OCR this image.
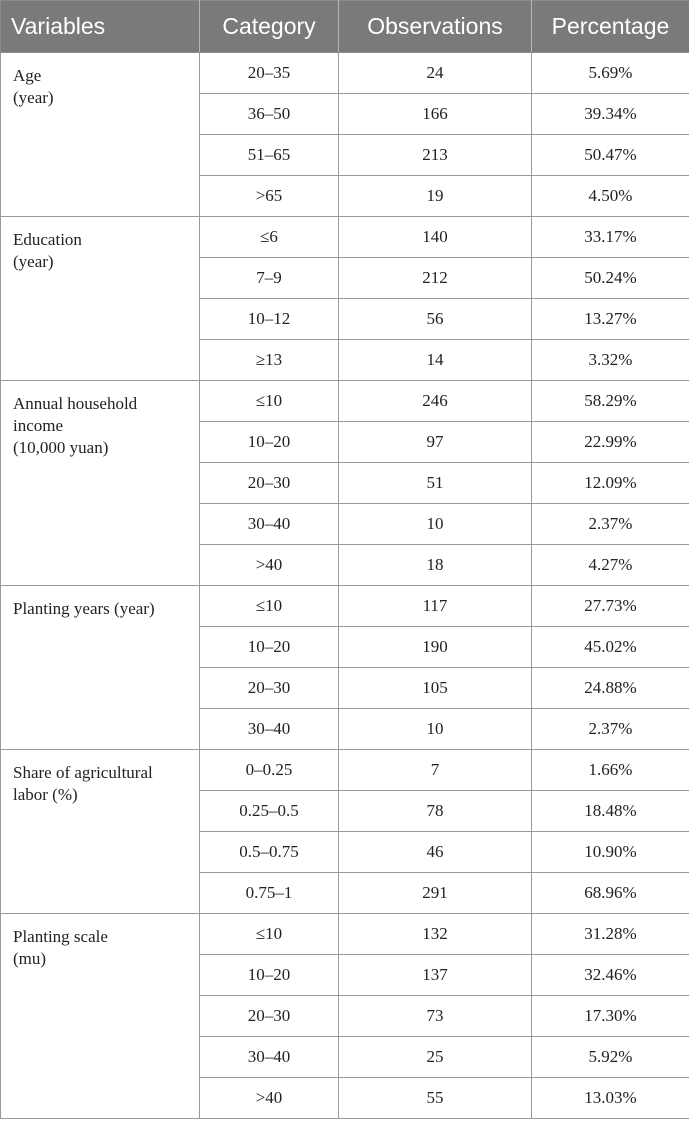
Variables	Category	Observations	Percentage
Age
(year)	20–35	24	5.69%
	36–50	166	39.34%
	51–65	213	50.47%
	>65	19	4.50%
Education
(year)	≤6	140	33.17%
	7–9	212	50.24%
	10–12	56	13.27%
	≥13	14	3.32%
Annual household
income
(10,000 yuan)	≤10	246	58.29%
	10–20	97	22.99%
	20–30	51	12.09%
	30–40	10	2.37%
	>40	18	4.27%
Planting years (year)	≤10	117	27.73%
	10–20	190	45.02%
	20–30	105	24.88%
	30–40	10	2.37%
Share of agricultural
labor (%)	0–0.25	7	1.66%
	0.25–0.5	78	18.48%
	0.5–0.75	46	10.90%
	0.75–1	291	68.96%
Planting scale
(mu)	≤10	132	31.28%
	10–20	137	32.46%
	20–30	73	17.30%
	30–40	25	5.92%
	>40	55	13.03%
